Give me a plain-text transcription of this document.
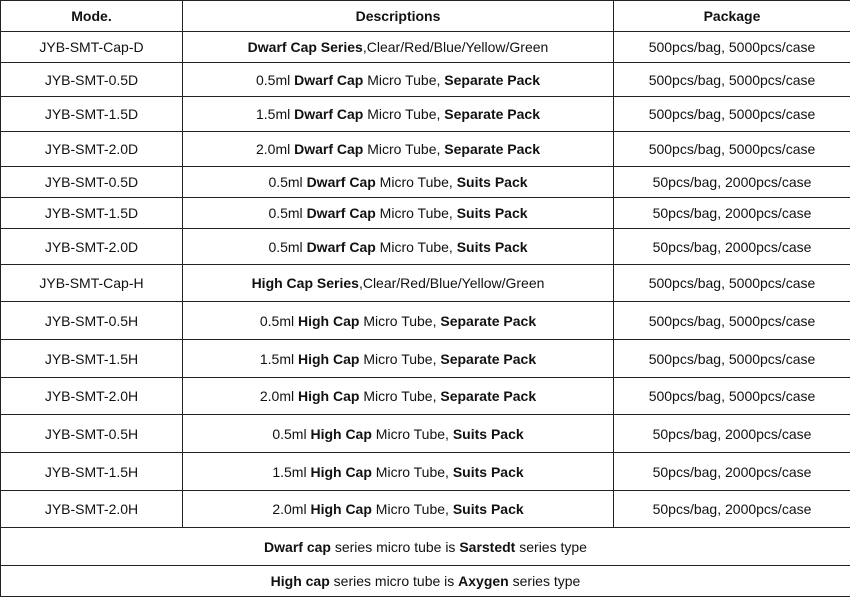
Mode.	Descriptions	Package
JYB-SMT-Cap-D	Dwarf Cap Series,Clear/Red/Blue/Yellow/Green	500pcs/bag, 5000pcs/case
JYB-SMT-0.5D	0.5ml Dwarf Cap Micro Tube, Separate Pack	500pcs/bag, 5000pcs/case
JYB-SMT-1.5D	1.5ml Dwarf Cap Micro Tube, Separate Pack	500pcs/bag, 5000pcs/case
JYB-SMT-2.0D	2.0ml Dwarf Cap Micro Tube, Separate Pack	500pcs/bag, 5000pcs/case
JYB-SMT-0.5D	0.5ml Dwarf Cap Micro Tube, Suits Pack	50pcs/bag, 2000pcs/case
JYB-SMT-1.5D	0.5ml Dwarf Cap Micro Tube, Suits Pack	50pcs/bag, 2000pcs/case
JYB-SMT-2.0D	0.5ml Dwarf Cap Micro Tube, Suits Pack	50pcs/bag, 2000pcs/case
JYB-SMT-Cap-H	High Cap Series,Clear/Red/Blue/Yellow/Green	500pcs/bag, 5000pcs/case
JYB-SMT-0.5H	0.5ml High Cap Micro Tube, Separate Pack	500pcs/bag, 5000pcs/case
JYB-SMT-1.5H	1.5ml High Cap Micro Tube, Separate Pack	500pcs/bag, 5000pcs/case
JYB-SMT-2.0H	2.0ml High Cap Micro Tube, Separate Pack	500pcs/bag, 5000pcs/case
JYB-SMT-0.5H	0.5ml High Cap Micro Tube, Suits Pack	50pcs/bag, 2000pcs/case
JYB-SMT-1.5H	1.5ml High Cap Micro Tube, Suits Pack	50pcs/bag, 2000pcs/case
JYB-SMT-2.0H	2.0ml High Cap Micro Tube, Suits Pack	50pcs/bag, 2000pcs/case
Dwarf cap series micro tube is Sarstedt series type		
High cap series micro tube is Axygen series type		
